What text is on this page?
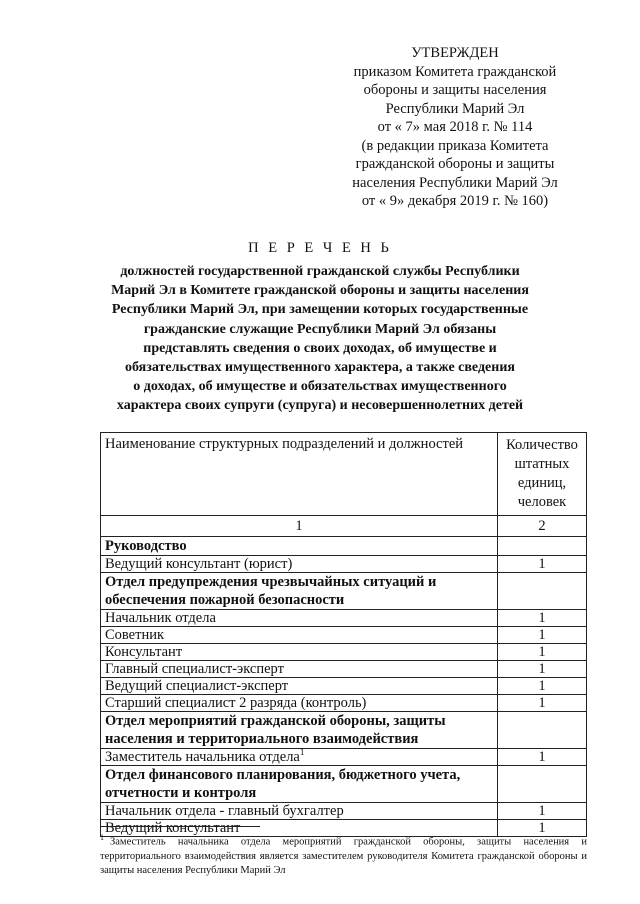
УТВЕРЖДЕН
приказом Комитета гражданской
обороны и защиты населения
Республики Марий Эл
от « 7» мая 2018 г. № 114
(в редакции приказа Комитета
гражданской обороны и защиты
населения Республики Марий Эл
от « 9» декабря 2019 г. № 160)
П Е Р Е Ч Е Н Ь
должностей государственной гражданской службы Республики
Марий Эл в Комитете гражданской обороны и защиты населения
Республики Марий Эл, при замещении которых государственные
гражданские служащие Республики Марий Эл обязаны
представлять сведения о своих доходах, об имуществе и
обязательствах имущественного характера, а также сведения
о доходах, об имуществе и обязательствах имущественного
характера своих супруги (супруга) и несовершеннолетних детей
Наименование структурных подразделений и должностей	Количество штатных единиц, человек
1	2
Руководство	
Ведущий консультант (юрист)	1
Отдел предупреждения чрезвычайных ситуаций и обеспечения пожарной безопасности	
Начальник отдела	1
Советник	1
Консультант	1
Главный специалист-эксперт	1
Ведущий специалист-эксперт	1
Старший специалист 2 разряда (контроль)	1
Отдел мероприятий гражданской обороны, защиты населения и территориального взаимодействия	
Заместитель начальника отдела$^1$	1
Отдел финансового планирования, бюджетного учета, отчетности и контроля	
Начальник отдела - главный бухгалтер	1
Ведущий консультант	1
$^1$ Заместитель начальника отдела мероприятий гражданской обороны, защиты населения и территориального взаимодействия является заместителем руководителя Комитета гражданской обороны и защиты населения Республики Марий Эл
